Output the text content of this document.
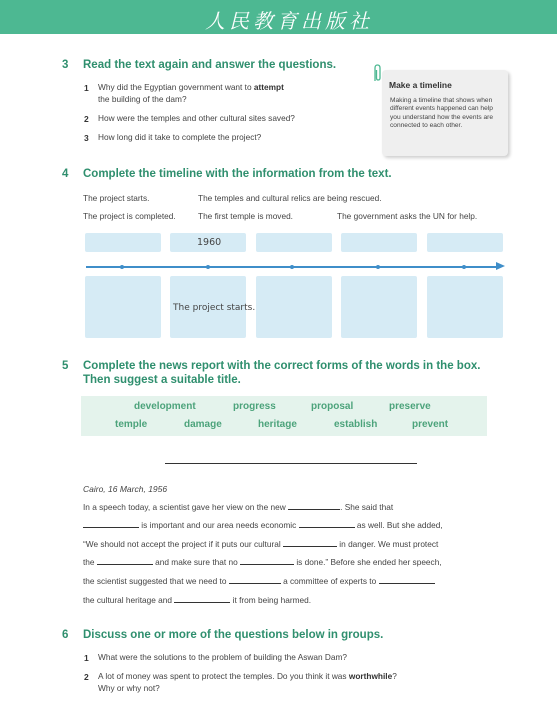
人民教育出版社
3 Read the text again and answer the questions.
1 Why did the Egyptian government want to attempt
the building of the dam?
2 How were the temples and other cultural sites saved?
3 How long did it take to complete the project?
Make a timeline
Making a timeline that shows when different events happened can help you understand how the events are connected to each other.
4 Complete the timeline with the information from the text.
The project starts.	The temples and cultural relics are being rescued.
The project is completed.	The first temple is moved.	The government asks the UN for help.
1960
The project starts.
5 Complete the news report with the correct forms of the words in the box.
Then suggest a suitable title.
development	progress	proposal	preserve
temple	damage	heritage	establish	prevent
Cairo, 16 March, 1956
In a speech today, a scientist gave her view on the new	. She said that
is important and our area needs economic	as well. But she added,
“We should not accept the project if it puts our cultural	in danger. We must protect
the	and make sure that no	is done.” Before she ended her speech,
the scientist suggested that we need to	a committee of experts to
the cultural heritage and	it from being harmed.
6 Discuss one or more of the questions below in groups.
1 What were the solutions to the problem of building the Aswan Dam?
2 A lot of money was spent to protect the temples. Do you think it was worthwhile?
Why or why not?
